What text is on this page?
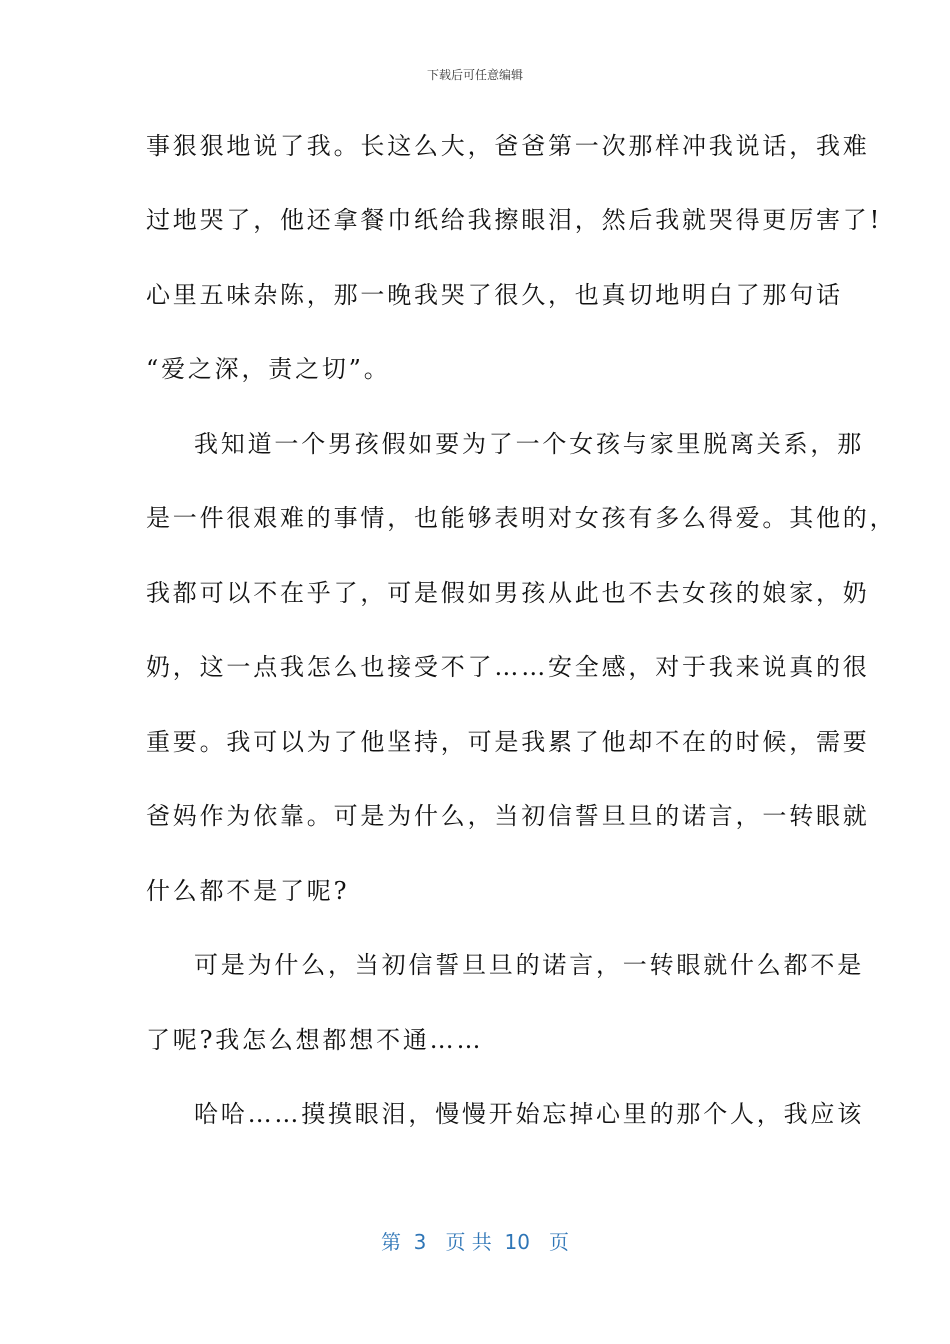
下载后可任意编辑
事狠狠地说了我。长这么大，爸爸第一次那样冲我说话，我难
过地哭了，他还拿餐巾纸给我擦眼泪，然后我就哭得更厉害了!
心里五味杂陈，那一晚我哭了很久，也真切地明白了那句话
“爱之深，责之切”。
我知道一个男孩假如要为了一个女孩与家里脱离关系，那
是一件很艰难的事情，也能够表明对女孩有多么得爱。其他的，
我都可以不在乎了，可是假如男孩从此也不去女孩的娘家，奶
奶，这一点我怎么也接受不了……安全感，对于我来说真的很
重要。我可以为了他坚持，可是我累了他却不在的时候，需要
爸妈作为依靠。可是为什么，当初信誓旦旦的诺言，一转眼就
什么都不是了呢?
可是为什么，当初信誓旦旦的诺言，一转眼就什么都不是
了呢?我怎么想都想不通……
哈哈……摸摸眼泪，慢慢开始忘掉心里的那个人，我应该
第  3   页 共  10   页
